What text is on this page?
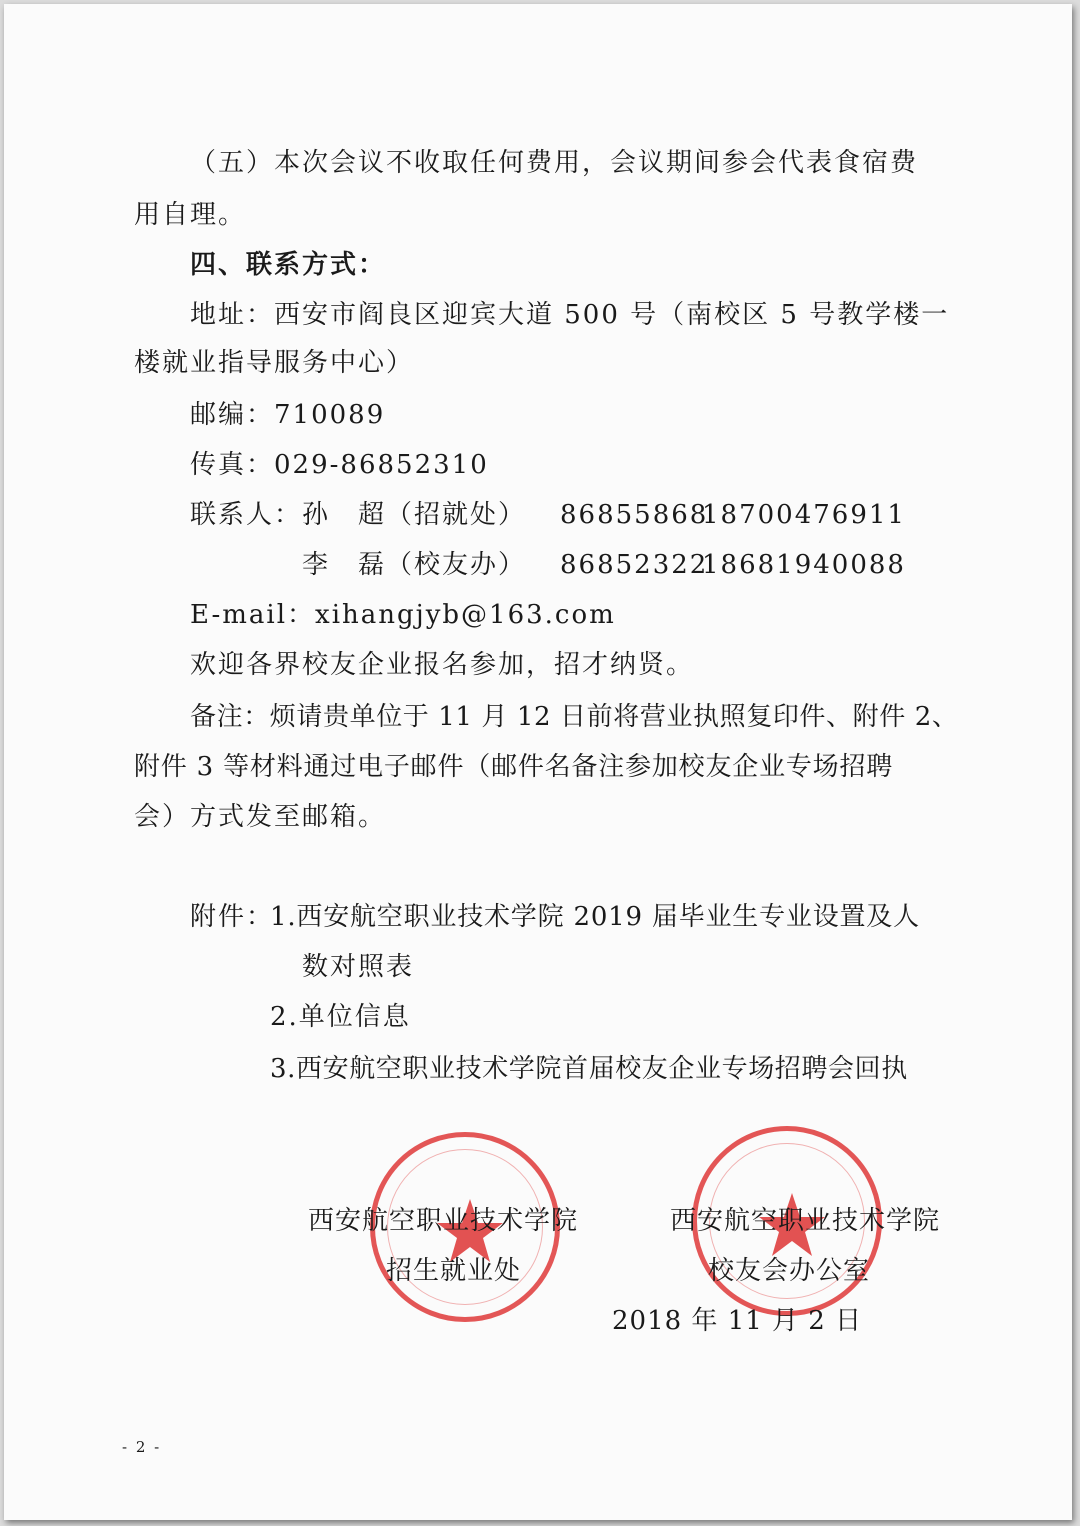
（五）本次会议不收取任何费用，会议期间参会代表食宿费
用自理。
四、联系方式：
地址：西安市阎良区迎宾大道 500 号（南校区 5 号教学楼一
楼就业指导服务中心）
邮编：710089
传真：029-86852310
联系人： 孙　超（招就处） 86855868
18700476911
李　磊（校友办） 86852322
18681940088
E-mail：xihangjyb@163.com
欢迎各界校友企业报名参加，招才纳贤。
备注：烦请贵单位于 11 月 12 日前将营业执照复印件、附件 2、
附件 3 等材料通过电子邮件（邮件名备注参加校友企业专场招聘
会）方式发至邮箱。
附件：
1.西安航空职业技术学院 2019 届毕业生专业设置及人
数对照表
2.单位信息
3.西安航空职业技术学院首届校友企业专场招聘会回执
西安航空职业技术学院
招生就业处
西安航空职业技术学院
校友会办公室
2018 年 11 月 2 日
- 2 -
